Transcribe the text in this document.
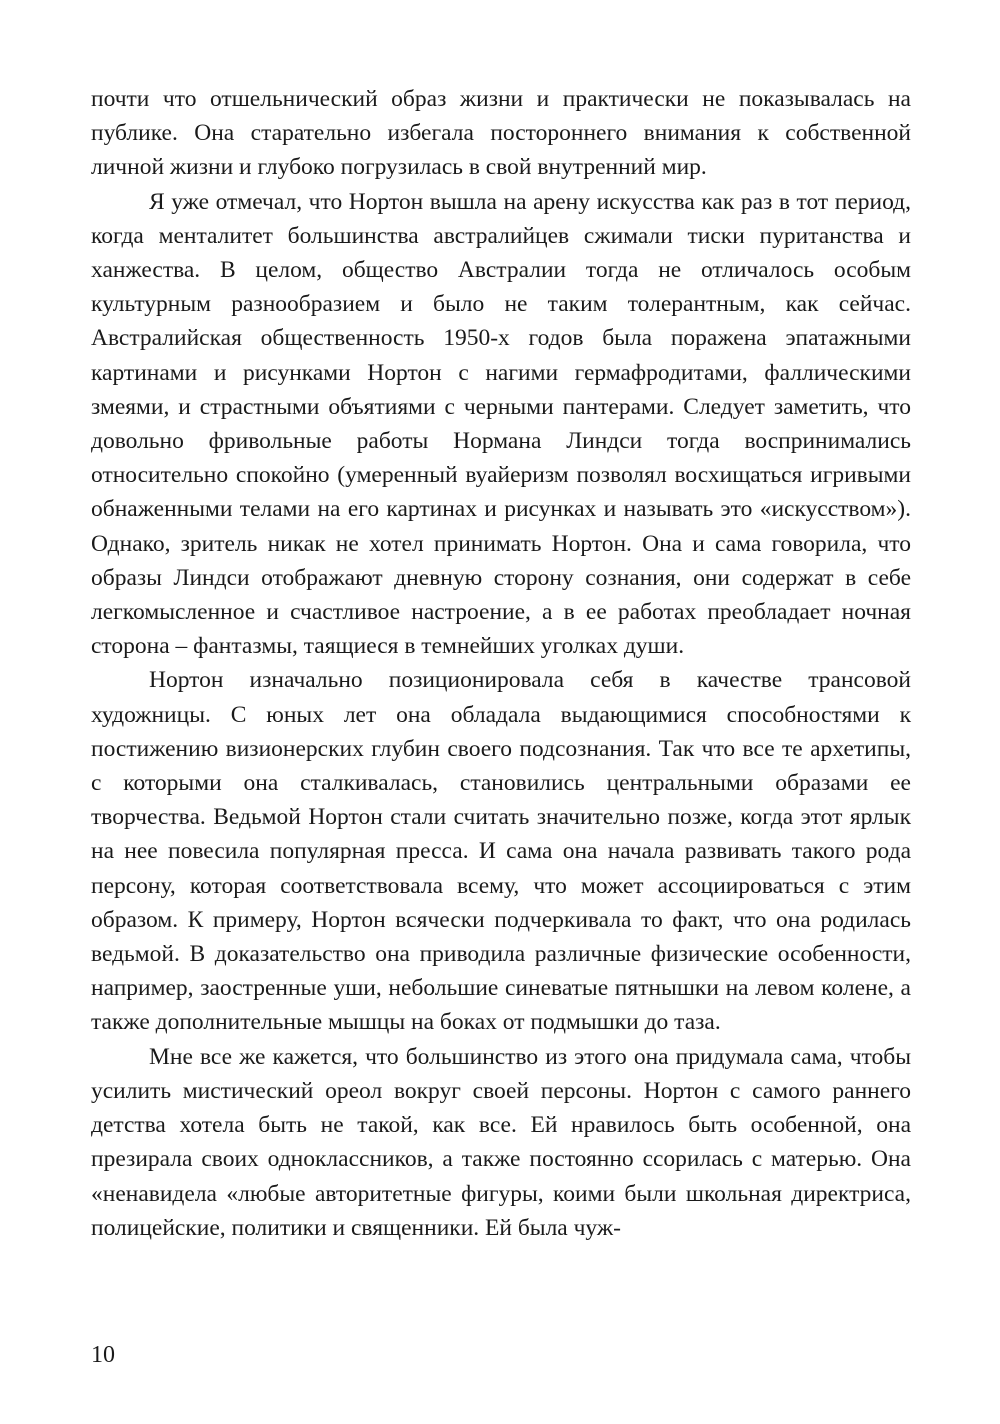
почти что отшельнический образ жизни и практически не показывалась на публике. Она старательно избегала постороннего внимания к собственной личной жизни и глубоко погрузилась в свой внутренний мир.

Я уже отмечал, что Нортон вышла на арену искусства как раз в тот период, когда менталитет большинства австралийцев сжимали тиски пуританства и ханжества. В целом, общество Австралии тогда не отличалось особым культурным разнообразием и было не таким толерантным, как сейчас. Австралийская общественность 1950-х годов была поражена эпатажными картинами и рисунками Нортон с нагими гермафродитами, фаллическими змеями, и страстными объятиями с черными пантерами. Следует заметить, что довольно фривольные работы Нормана Линдси тогда воспринимались относительно спокойно (умеренный вуайеризм позволял восхищаться игривыми обнаженными телами на его картинах и рисунках и называть это «искусством»). Однако, зритель никак не хотел принимать Нортон. Она и сама говорила, что образы Линдси отображают дневную сторону сознания, они содержат в себе легкомысленное и счастливое настроение, а в ее работах преобладает ночная сторона – фантазмы, таящиеся в темнейших уголках души.

Нортон изначально позиционировала себя в качестве трансовой художницы. С юных лет она обладала выдающимися способностями к постижению визионерских глубин своего подсознания. Так что все те архетипы, с которыми она сталкивалась, становились центральными образами ее творчества. Ведьмой Нортон стали считать значительно позже, когда этот ярлык на нее повесила популярная пресса. И сама она начала развивать такого рода персону, которая соответствовала всему, что может ассоциироваться с этим образом. К примеру, Нортон всячески подчеркивала то факт, что она родилась ведьмой. В доказательство она приводила различные физические особенности, например, заостренные уши, небольшие синеватые пятнышки на левом колене, а также дополнительные мышцы на боках от подмышки до таза.

Мне все же кажется, что большинство из этого она придумала сама, чтобы усилить мистический ореол вокруг своей персоны. Нортон с самого раннего детства хотела быть не такой, как все. Ей нравилось быть особенной, она презирала своих одноклассников, а также постоянно ссорилась с матерью. Она «ненавидела «любые авторитетные фигуры, коими были школьная директриса, полицейские, политики и священники. Ей была чуж-

10
